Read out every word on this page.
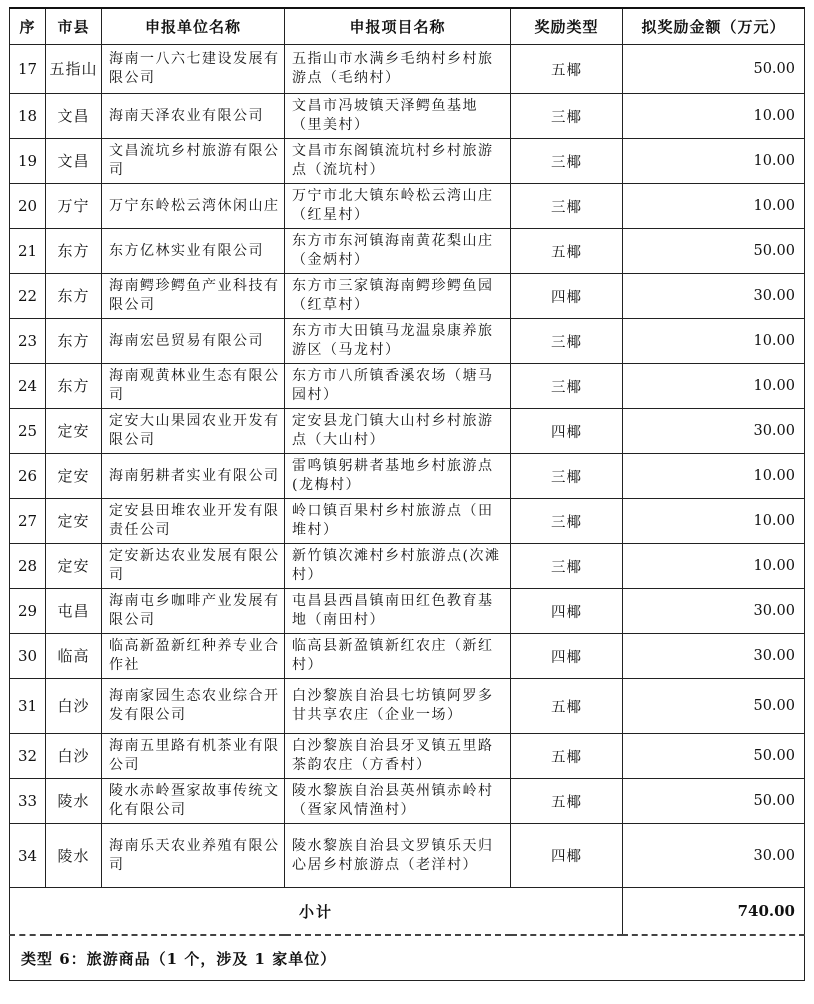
序	市县	申报单位名称	申报项目名称	奖励类型	拟奖励金额（万元）
17	五指山	海南一八六七建设发展有限公司	五指山市水满乡毛纳村乡村旅游点（毛纳村）	五椰	50.00
18	文昌	海南天泽农业有限公司	文昌市冯坡镇天泽鳄鱼基地（里美村）	三椰	10.00
19	文昌	文昌流坑乡村旅游有限公司	文昌市东阁镇流坑村乡村旅游点（流坑村）	三椰	10.00
20	万宁	万宁东岭松云湾休闲山庄	万宁市北大镇东岭松云湾山庄（红星村）	三椰	10.00
21	东方	东方亿林实业有限公司	东方市东河镇海南黄花梨山庄（金炳村）	五椰	50.00
22	东方	海南鳄珍鳄鱼产业科技有限公司	东方市三家镇海南鳄珍鳄鱼园（红草村）	四椰	30.00
23	东方	海南宏邑贸易有限公司	东方市大田镇马龙温泉康养旅游区（马龙村）	三椰	10.00
24	东方	海南观黄林业生态有限公司	东方市八所镇香溪农场（塘马园村）	三椰	10.00
25	定安	定安大山果园农业开发有限公司	定安县龙门镇大山村乡村旅游点（大山村）	四椰	30.00
26	定安	海南躬耕者实业有限公司	雷鸣镇躬耕者基地乡村旅游点(龙梅村）	三椰	10.00
27	定安	定安县田堆农业开发有限责任公司	岭口镇百果村乡村旅游点（田堆村）	三椰	10.00
28	定安	定安新达农业发展有限公司	新竹镇次滩村乡村旅游点(次滩村）	三椰	10.00
29	屯昌	海南屯乡咖啡产业发展有限公司	屯昌县西昌镇南田红色教育基地（南田村）	四椰	30.00
30	临高	临高新盈新红种养专业合作社	临高县新盈镇新红农庄（新红村）	四椰	30.00
31	白沙	海南家园生态农业综合开发有限公司	白沙黎族自治县七坊镇阿罗多甘共享农庄（企业一场）	五椰	50.00
32	白沙	海南五里路有机茶业有限公司	白沙黎族自治县牙叉镇五里路茶韵农庄（方香村）	五椰	50.00
33	陵水	陵水赤岭疍家故事传统文化有限公司	陵水黎族自治县英州镇赤岭村（疍家风情渔村）	五椰	50.00
34	陵水	海南乐天农业养殖有限公司	陵水黎族自治县文罗镇乐天归心居乡村旅游点（老洋村）	四椰	30.00
小计					740.00
类型 6：旅游商品（1 个，涉及 1 家单位）					
